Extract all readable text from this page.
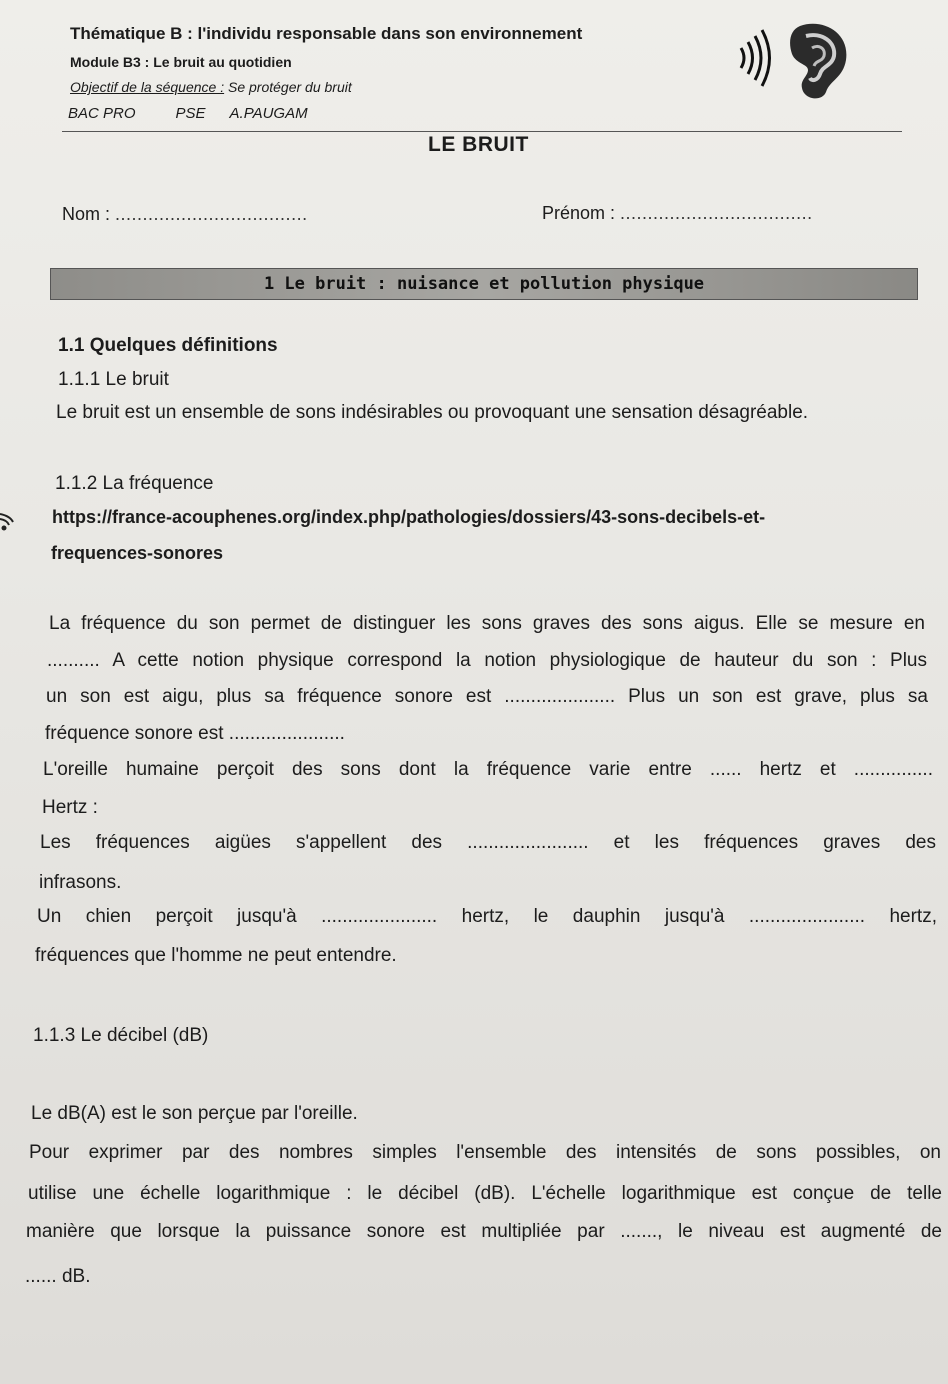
Thématique B : l'individu responsable dans son environnement
Module B3 : Le bruit au quotidien
Objectif de la séquence : Se protéger du bruit
BAC PRO	PSE A.PAUGAM
LE BRUIT
Nom : ...................................	Prénom : ...................................
1 Le bruit : nuisance et pollution physique
1.1 Quelques définitions
1.1.1 Le bruit
Le bruit est un ensemble de sons indésirables ou provoquant une sensation désagréable.
1.1.2 La fréquence
https://france-acouphenes.org/index.php/pathologies/dossiers/43-sons-decibels-et-
frequences-sonores
La fréquence du son permet de distinguer les sons graves des sons aigus. Elle se mesure en
.......... A cette notion physique correspond la notion physiologique de hauteur du son : Plus
un son est aigu, plus sa fréquence sonore est ..................... Plus un son est grave, plus sa
fréquence sonore est ......................
L'oreille humaine perçoit des sons dont la fréquence varie entre ...... hertz et ...............
Hertz :
Les fréquences aigües s'appellent des ....................... et les fréquences graves des
infrasons.
Un chien perçoit jusqu'à ...................... hertz, le dauphin jusqu'à ...................... hertz,
fréquences que l'homme ne peut entendre.
1.1.3 Le décibel (dB)
Le dB(A) est le son perçue par l'oreille.
Pour exprimer par des nombres simples l'ensemble des intensités de sons possibles, on
utilise une échelle logarithmique : le décibel (dB). L'échelle logarithmique est conçue de telle
manière que lorsque la puissance sonore est multipliée par ......., le niveau est augmenté de
...... dB.
